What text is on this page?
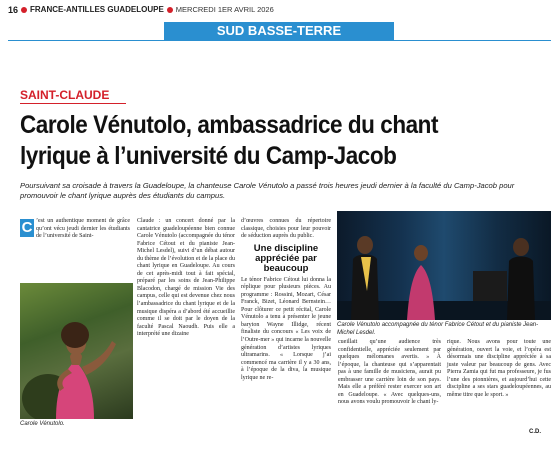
16 FRANCE-ANTILLES GUADELOUPE MERCREDI 1ER AVRIL 2026
SUD BASSE-TERRE
SAINT-CLAUDE
Carole Vénutolo, ambassadrice du chant lyrique à l’université du Camp-Jacob
Poursuivant sa croisade à travers la Guadeloupe, la chanteuse Carole Vénutolo a passé trois heures jeudi dernier à la faculté du Camp-Jacob pour promouvoir le chant lyrique auprès des étudiants du campus.
C ’est un authentique moment de grâce qu’ont vécu jeudi dernier les étudiants de l’université de Saint-

Carole Vénutolo.

Claude : un concert donné par la cantatrice guadeloupéenne bien connue Carole Vénutolo (accompagnée du ténor Fabrice Cétout et du pianiste Jean-Michel Lesdel), suivi d’un débat autour du thème de l’évolution et de la place du chant lyrique en Guadeloupe. Au cours de cet après-midi tout à fait spécial, préparé par les soins de Jean-Philippe Blacodon, chargé de mission Vie des campus, celle qui est devenue chez nous l’ambassadrice du chant lyrique et de la musique dispéra a d’abord été accueillie comme il se doit par le doyen de la faculté Pascal Naoudh. Puis elle a interprété une dizaine

d’œuvres connues du répertoire classique, choisies pour leur pouvoir de séduction auprès du public.

Une discipline appréciée par beaucoup

Le ténor Fabrice Cétout lui donna la réplique pour plusieurs pièces. Au programme : Rossini, Mozart, César Franck, Bizet, Léonard Bernstein… Pour clôturer ce petit récital, Carole Vénutolo a tenu à présenter le jeune baryton Wayne Illidge, récent finaliste du concours « Les voix de l’Outre-mer » qui incarne la nouvelle génération d’artistes lyriques ultramarins. « Lorsque j’ai commencé ma carrière il y a 30 ans, à l’époque de la diva, la musique lyrique ne re-

Carole Vénutolo accompagnée du ténor Fabrice Cétout et du pianiste Jean-Michel Lesdel.

cueillait qu’une audience très confidentielle, appréciée seulement par quelques mélomanes avertis. » À l’époque, la chanteuse qui s’apparentait pas à une famille de musiciens, aurait pu embrasser une carrière loin de son pays. Mais elle a préféré rester exercer son art en Guadeloupe. « Avec quelques-uns, nous avons voulu promouvoir le chant ly-

rique. Nous avons pour toute une génération, ouvert la voie, et l’opéra est désormais une discipline appréciée à sa juste valeur par beaucoup de gens. Avec Pierra Zamia qui fut ma professeure, je fus l’une des pionnières, et aujourd’hui cette discipline a ses stars guadeloupéennes, au même titre que le sport. »

C.D.
